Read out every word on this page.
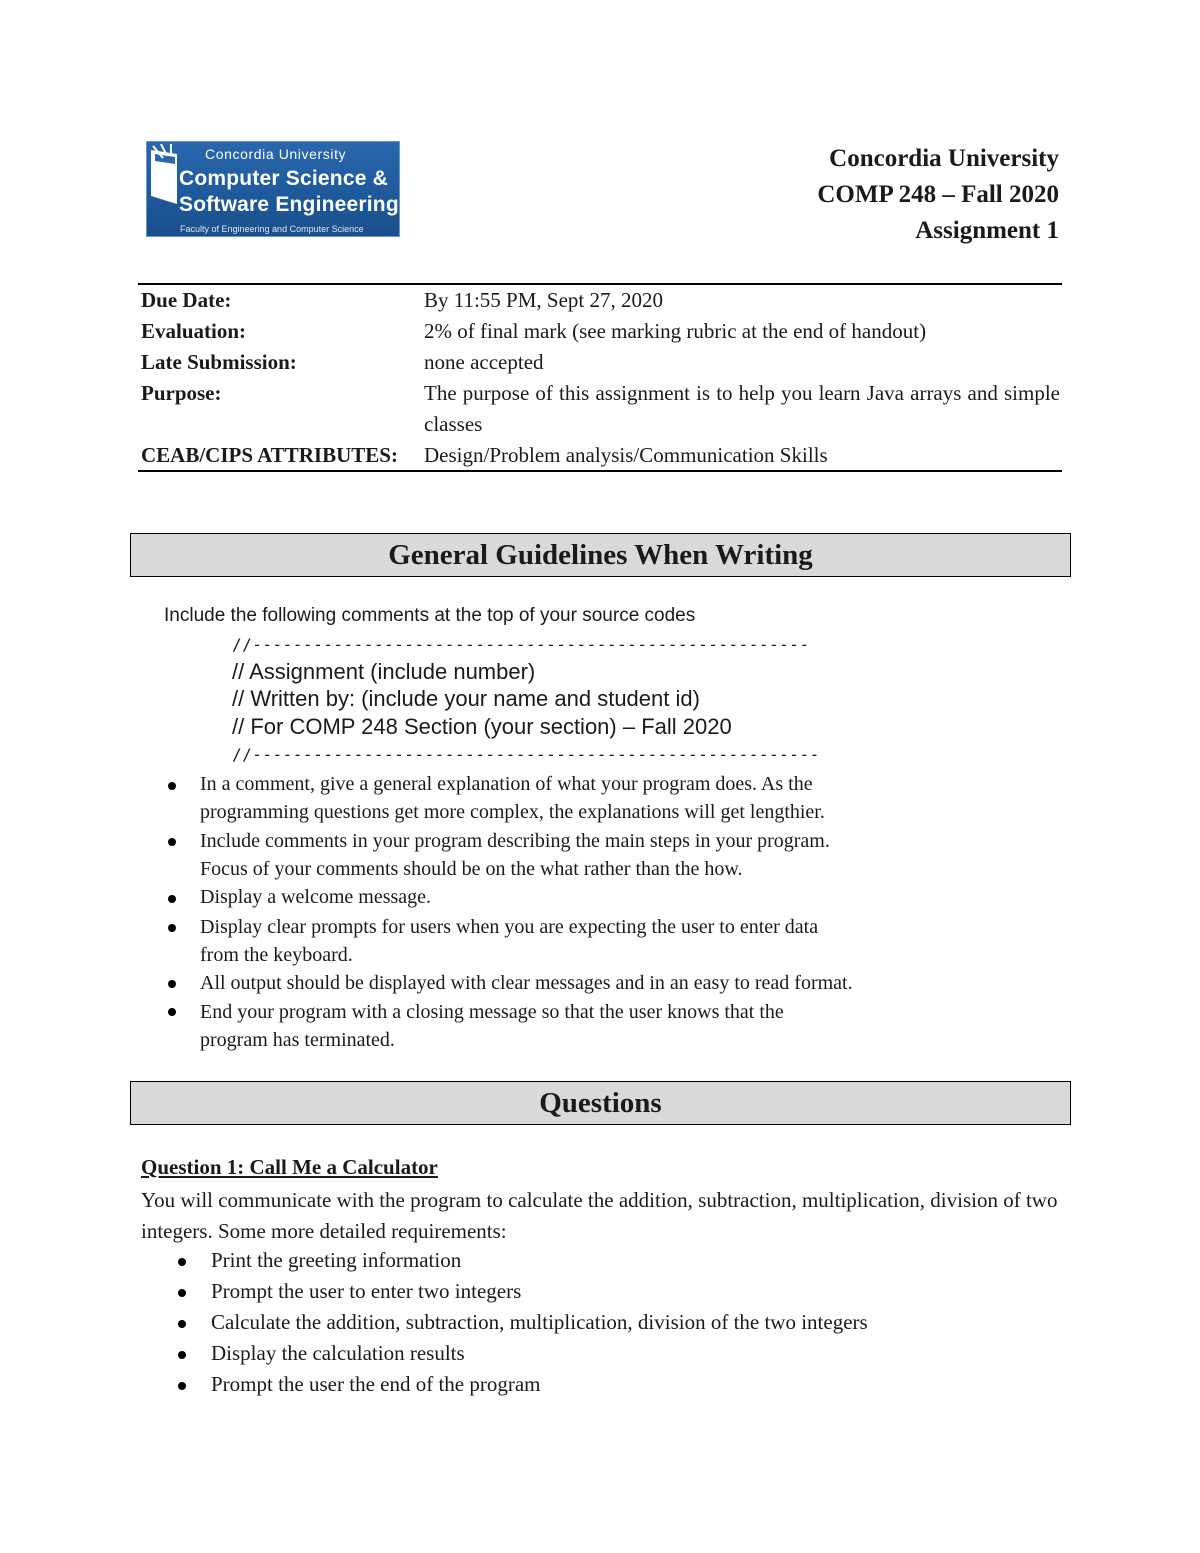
Concordia University
Computer Science &
Software Engineering
Faculty of Engineering and Computer Science
Concordia University
COMP 248 – Fall 2020
Assignment 1
Due Date:	By 11:55 PM, Sept 27, 2020
Evaluation:	2% of final mark (see marking rubric at the end of handout)
Late Submission:	none accepted
Purpose:	The purpose of this assignment is to help you learn Java arrays and simple classes
CEAB/CIPS ATTRIBUTES: Design/Problem analysis/Communication Skills
General Guidelines When Writing
Include the following comments at the top of your source codes
//-------------------------------------------------------
// Assignment (include number)
// Written by: (include your name and student id)
// For COMP 248 Section (your section) – Fall 2020
//--------------------------------------------------------
In a comment, give a general explanation of what your program does. As the
programming questions get more complex, the explanations will get lengthier.
Include comments in your program describing the main steps in your program.
Focus of your comments should be on the what rather than the how.
Display a welcome message.
Display clear prompts for users when you are expecting the user to enter data
from the keyboard.
All output should be displayed with clear messages and in an easy to read format.
End your program with a closing message so that the user knows that the
program has terminated.
Questions
Question 1: Call Me a Calculator
You will communicate with the program to calculate the addition, subtraction, multiplication, division of two integers. Some more detailed requirements:
Print the greeting information
Prompt the user to enter two integers
Calculate the addition, subtraction, multiplication, division of the two integers
Display the calculation results
Prompt the user the end of the program
